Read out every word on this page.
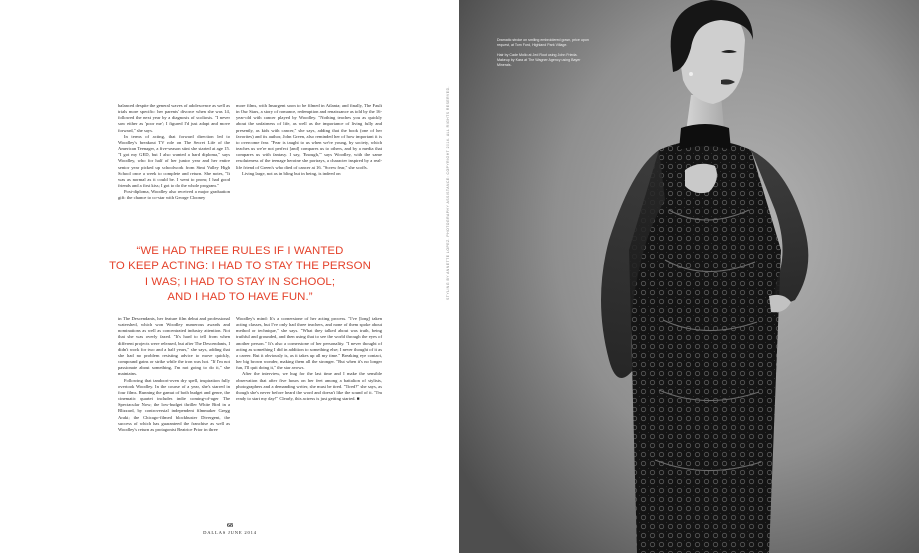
balanced despite the general waves of adolescence as well as trials more specific: her parents' divorce when she was 14, followed the next year by a diagnosis of scoliosis. "I never saw either as 'poor me'; I figured I'd just adapt and move forward," she says.

In terms of acting, that forward direction led to Woodley's breakout TV role on The Secret Life of the American Teenager, a five-season stint she started at age 15. "I got my GED, but I also wanted a hard diploma," says Woodley, who for half of her junior year and her entire senior year picked up schoolwork from Simi Valley High School once a week to complete and return. She notes, "It was as normal as it could be. I went to prom; I had good friends and a first kiss; I got to do the whole program."

Post-diploma, Woodley also received a major graduation gift: the chance to co-star with George Clooney

more films, with Insurgent soon to be filmed in Atlanta; and finally, The Fault in Our Stars, a story of romance, redemption and renaissance as told by the 16-year-old with cancer played by Woodley. "Nothing teaches you as quickly about the unfairness of life, as well as the importance of living fully and presently, as kids with cancer," she says, adding that the book (one of her favorites) and its author, John Green, also reminded her of how important it is to overcome fear. "Fear is taught to us when we're young, by society, which teaches us we're not perfect [and] compares us to others, and by a media that compares us with fantasy. I say, 'Enough,'" says Woodley, with the same resoluteness of the teenage heroine she portrays, a character inspired by a real-life friend of Green's who died of cancer at 16. "Screw fear," she scoffs.

Living large, not as in bling but in being, is indeed on

“WE HAD THREE RULES IF I WANTED
TO KEEP ACTING: I HAD TO STAY THE PERSON
I WAS; I HAD TO STAY IN SCHOOL;
AND I HAD TO HAVE FUN.”

in The Descendants, her feature film debut and professional watershed, which won Woodley numerous awards and nominations as well as concentrated industry attention. Not that she was overly fazed. "It's hard to tell from when different projects were released, but after The Descendants, I didn't work for two and a half years," she says, adding that she had no problem resisting advice to move quickly, compound gains or strike while the iron was hot. "If I'm not passionate about something, I'm not going to do it," she maintains.

Following that tandoori-oven dry spell, inspiration fully overtook Woodley. In the course of a year, she's starred in four films. Running the gamut of both budget and genre, the cinematic quartet includes indie coming-of-ager The Spectacular Now; the low-budget thriller White Bird in a Blizzard, by controversial independent filmmaker Gregg Araki; the Chicago-filmed blockbuster Divergent, the success of which has guaranteed the franchise as well as Woodley's return as protagonist Beatrice Prior in three

Woodley's mind: It's a cornerstone of her acting process. "I've [long] taken acting classes, but I've only had three teachers, and none of them spoke about method or technique," she says. "What they talked about was truth, being truthful and grounded, and then using that to see the world through the eyes of another person." It's also a cornerstone of her personality. "I never thought of acting as something I did in addition to something else; I never thought of it as a career. But it obviously is, as it takes up all my time." Breaking eye contact, her big brown wonder, making them all the stronger. "But when it's no longer fun, I'll quit doing it," the star avows.

After the interview, we hug for the last time and I make the sensible observation that after five hours on her feet among a battalion of stylists, photographers and a demanding writer, she must be tired. "Tired?" she says, as though she's never before heard the word and doesn't like the sound of it. "I'm ready to start my day!" Clearly, this actress is just getting started. ■

68
DALLAS JUNE 2014
STYLING BY ANNETTE LOPEZ. PHOTOGRAPHY ASSISTANCE: COPYRIGHT 2014. ALL RIGHTS RESERVED.

Dramatic stroke on smiling embroidered gown, price upon request, at Tom Ford, Highland Park Village.

Hair by Cade Mollo at Jed Root using John Frieda. Makeup by Kara at The Wagner Agency using Bayer Minerals.
